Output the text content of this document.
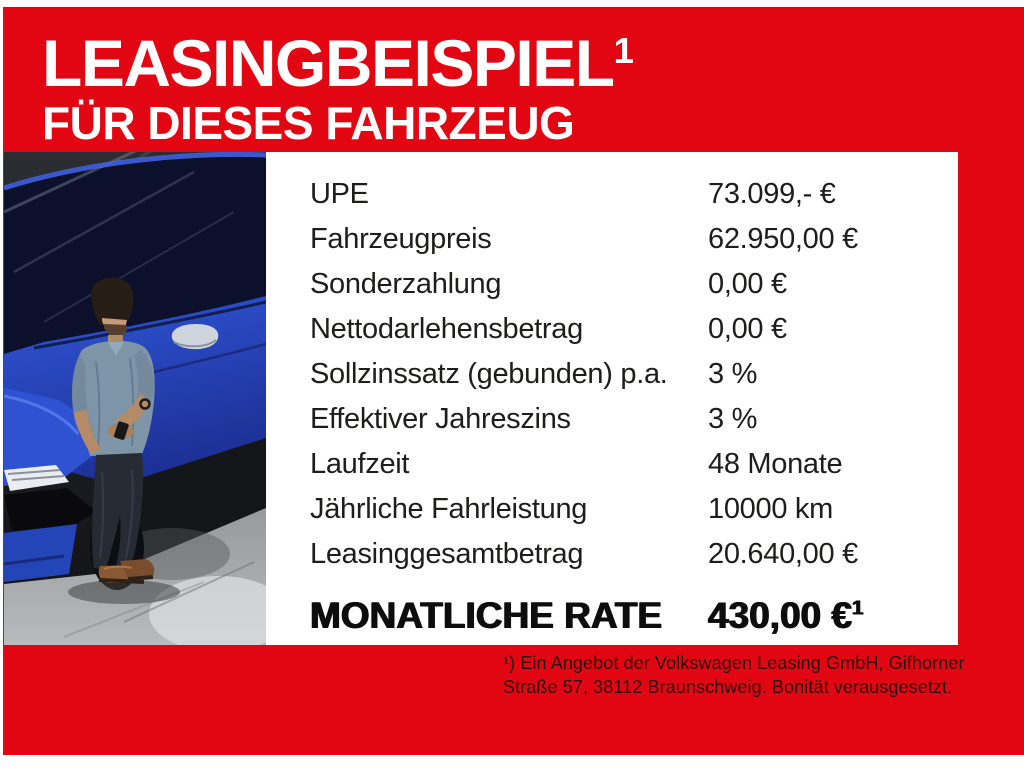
LEASINGBEISPIEL$^1$
FÜR DIESES FAHRZEUG
UPE	73.099,- €
Fahrzeugpreis	62.950,00 €
Sonderzahlung	0,00 €
Nettodarlehensbetrag	0,00 €
Sollzinssatz (gebunden) p.a.	3 %
Effektiver Jahreszins	3 %
Laufzeit	48 Monate
Jährliche Fahrleistung	10000 km
Leasinggesamtbetrag	20.640,00 €
MONATLICHE RATE	430,00 €$^1$
¹) Ein Angebot der Volkswagen Leasing GmbH, Gifhorner
Straße 57, 38112 Braunschweig. Bonität verausgesetzt.
